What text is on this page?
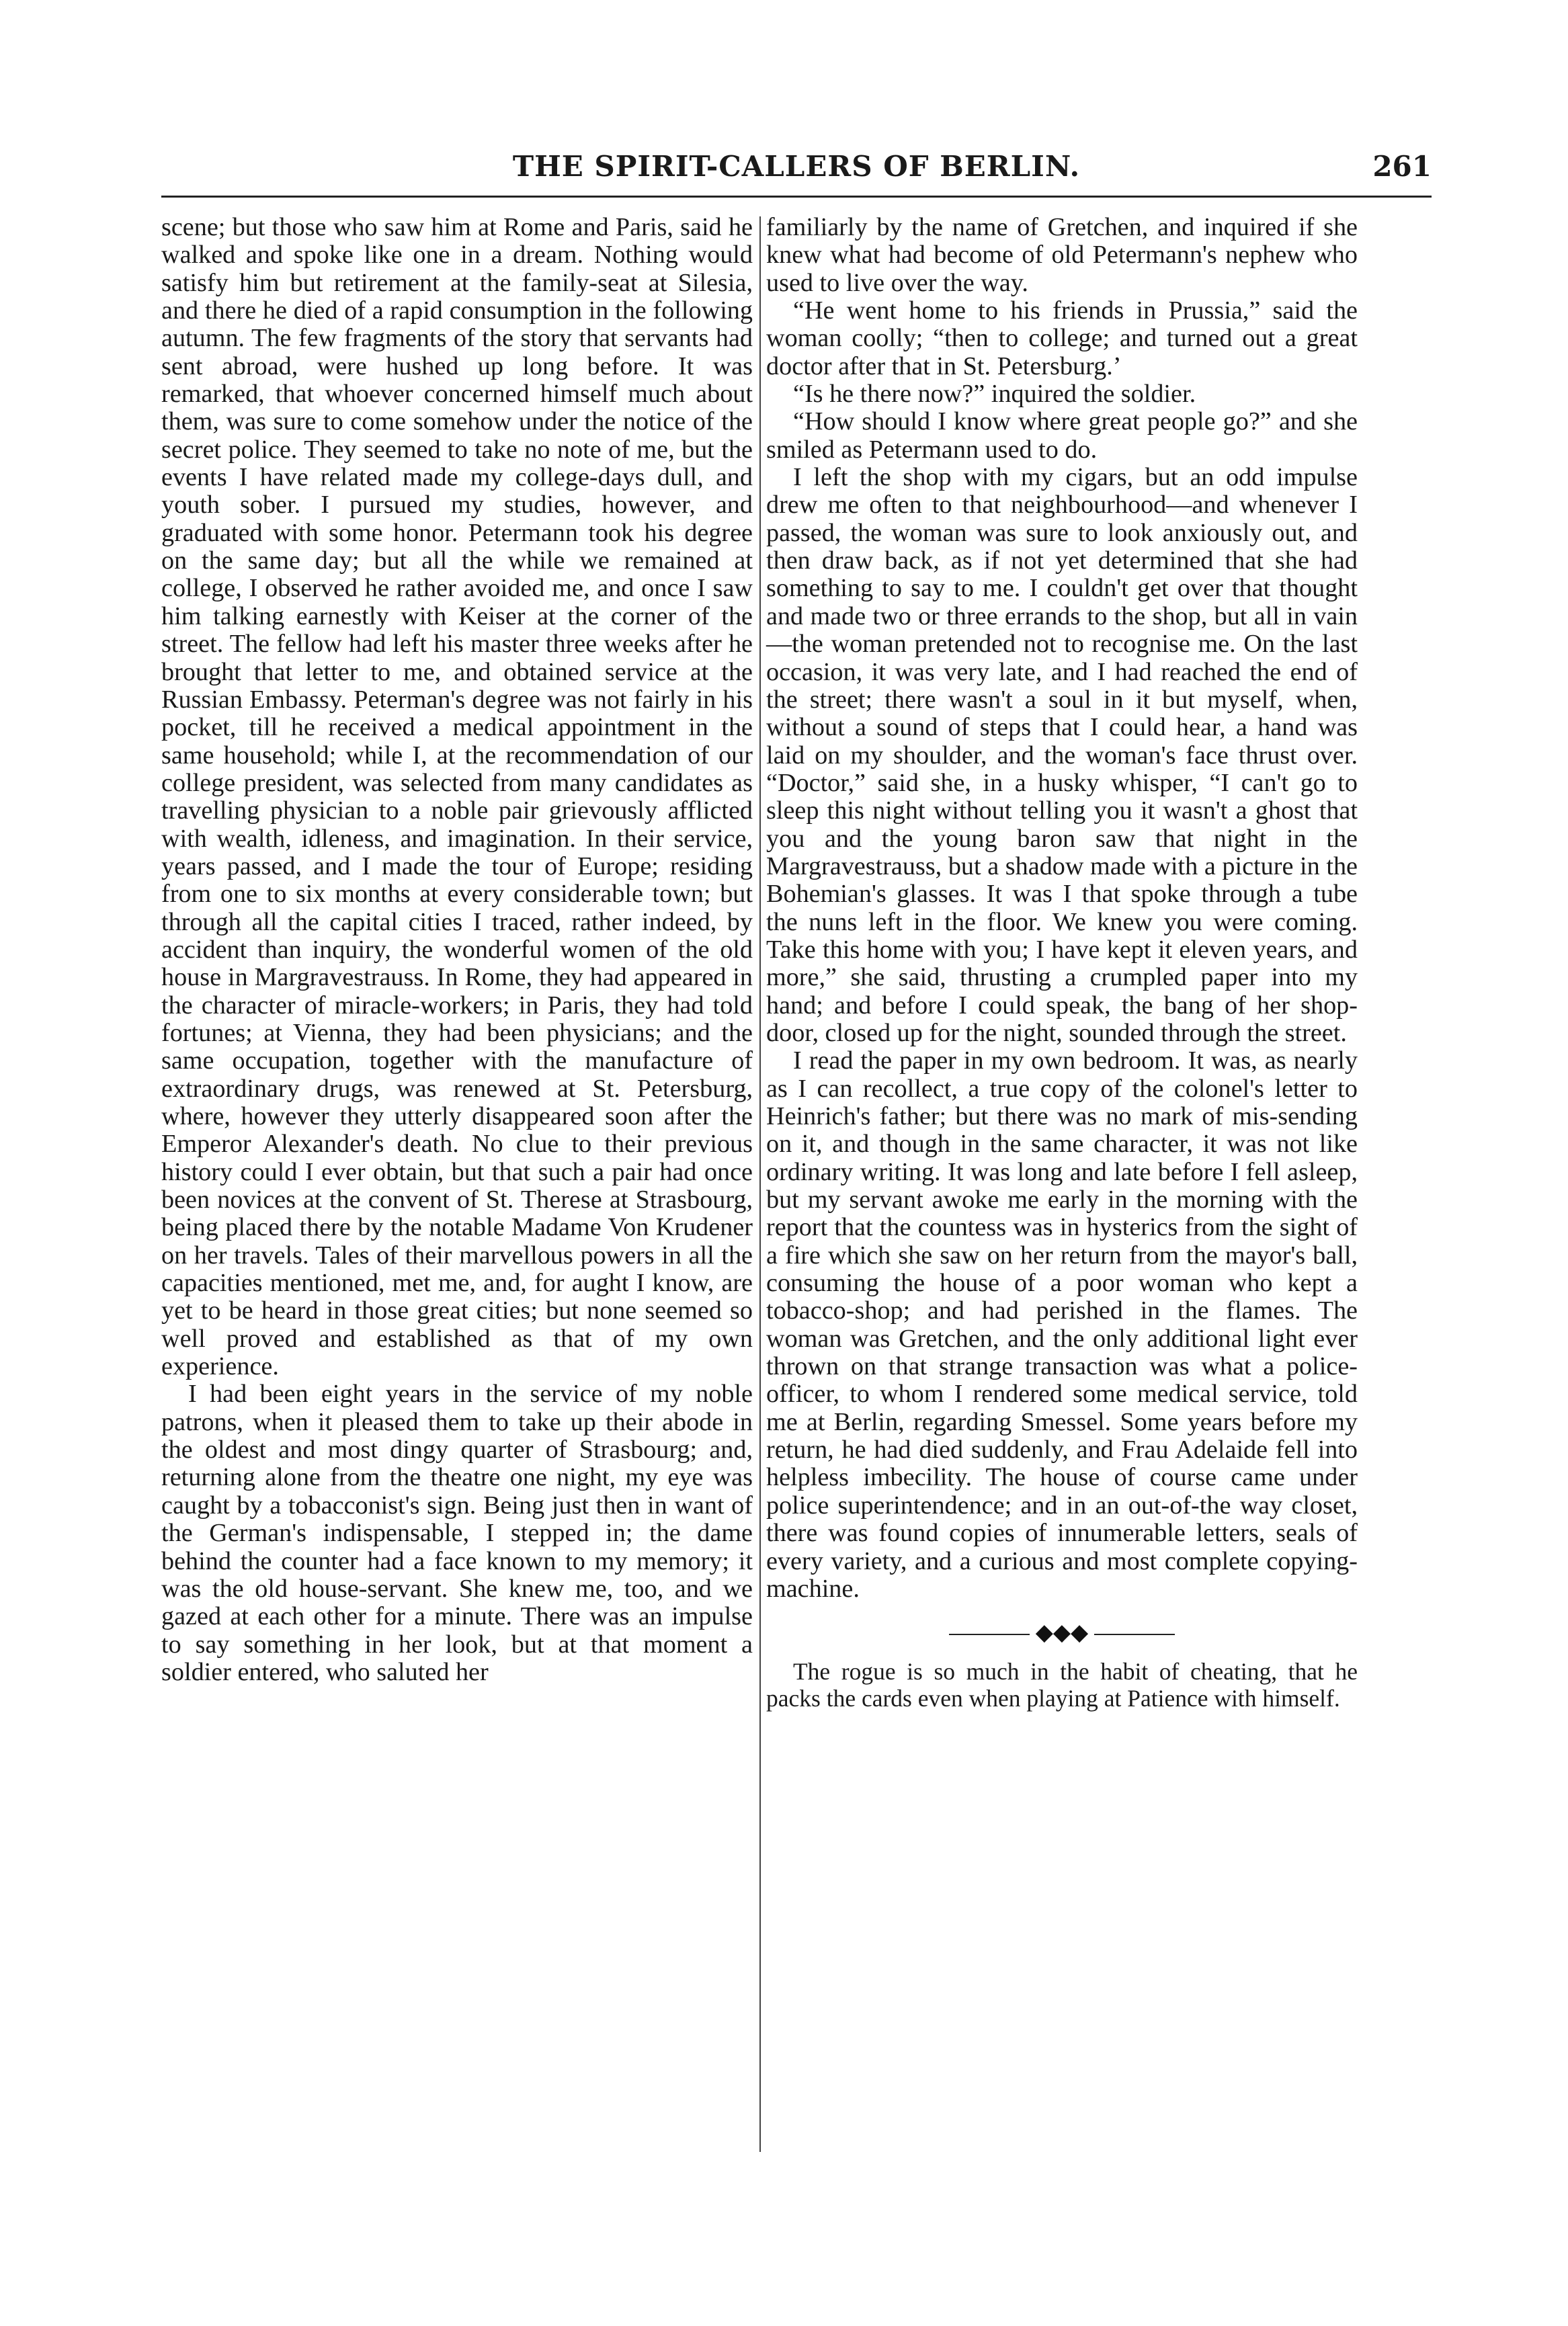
THE SPIRIT-CALLERS OF BERLIN.	261

scene; but those who saw him at Rome and Paris, said he walked and spoke like one in a dream. Nothing would satisfy him but retirement at the family-seat at Silesia, and there he died of a rapid consumption in the following autumn. The few fragments of the story that servants had sent abroad, were hushed up long before. It was remarked, that whoever concerned himself much about them, was sure to come somehow under the notice of the secret police. They seemed to take no note of me, but the events I have related made my college-days dull, and youth sober. I pursued my studies, however, and graduated with some honor. Petermann took his degree on the same day; but all the while we remained at college, I observed he rather avoided me, and once I saw him talking earnestly with Keiser at the corner of the street. The fellow had left his master three weeks after he brought that letter to me, and obtained service at the Russian Embassy. Peterman's degree was not fairly in his pocket, till he received a medical appointment in the same household; while I, at the recommendation of our college president, was selected from many candidates as travelling physician to a noble pair grievously afflicted with wealth, idleness, and imagination. In their service, years passed, and I made the tour of Europe; residing from one to six months at every considerable town; but through all the capital cities I traced, rather indeed, by accident than inquiry, the wonderful women of the old house in Margravestrauss. In Rome, they had appeared in the character of miracle-workers; in Paris, they had told fortunes; at Vienna, they had been physicians; and the same occupation, together with the manufacture of extraordinary drugs, was renewed at St. Petersburg, where, however they utterly disappeared soon after the Emperor Alexander's death. No clue to their previous history could I ever obtain, but that such a pair had once been novices at the convent of St. Therese at Strasbourg, being placed there by the notable Madame Von Krudener on her travels. Tales of their marvellous powers in all the capacities mentioned, met me, and, for aught I know, are yet to be heard in those great cities; but none seemed so well proved and established as that of my own experience.

I had been eight years in the service of my noble patrons, when it pleased them to take up their abode in the oldest and most dingy quarter of Strasbourg; and, returning alone from the theatre one night, my eye was caught by a tobacconist's sign. Being just then in want of the German's indispensable, I stepped in; the dame behind the counter had a face known to my memory; it was the old house-servant. She knew me, too, and we gazed at each other for a minute. There was an impulse to say something in her look, but at that moment a soldier entered, who saluted her

familiarly by the name of Gretchen, and inquired if she knew what had become of old Petermann's nephew who used to live over the way.

“He went home to his friends in Prussia,” said the woman coolly; “then to college; and turned out a great doctor after that in St. Petersburg.’

“Is he there now?” inquired the soldier.

“How should I know where great people go?” and she smiled as Petermann used to do.

I left the shop with my cigars, but an odd impulse drew me often to that neighbourhood—and whenever I passed, the woman was sure to look anxiously out, and then draw back, as if not yet determined that she had something to say to me. I couldn't get over that thought and made two or three errands to the shop, but all in vain—the woman pretended not to recognise me. On the last occasion, it was very late, and I had reached the end of the street; there wasn't a soul in it but myself, when, without a sound of steps that I could hear, a hand was laid on my shoulder, and the woman's face thrust over. “Doctor,” said she, in a husky whisper, “I can't go to sleep this night without telling you it wasn't a ghost that you and the young baron saw that night in the Margravestrauss, but a shadow made with a picture in the Bohemian's glasses. It was I that spoke through a tube the nuns left in the floor. We knew you were coming. Take this home with you; I have kept it eleven years, and more,” she said, thrusting a crumpled paper into my hand; and before I could speak, the bang of her shop-door, closed up for the night, sounded through the street.

I read the paper in my own bedroom. It was, as nearly as I can recollect, a true copy of the colonel's letter to Heinrich's father; but there was no mark of mis-sending on it, and though in the same character, it was not like ordinary writing. It was long and late before I fell asleep, but my servant awoke me early in the morning with the report that the countess was in hysterics from the sight of a fire which she saw on her return from the mayor's ball, consuming the house of a poor woman who kept a tobacco-shop; and had perished in the flames. The woman was Gretchen, and the only additional light ever thrown on that strange transaction was what a police-officer, to whom I rendered some medical service, told me at Berlin, regarding Smessel. Some years before my return, he had died suddenly, and Frau Adelaide fell into helpless imbecility. The house of course came under police superintendence; and in an out-of-the way closet, there was found copies of innumerable letters, seals of every variety, and a curious and most complete copying-machine.

◆◆◆

The rogue is so much in the habit of cheating, that he packs the cards even when playing at Patience with himself.
